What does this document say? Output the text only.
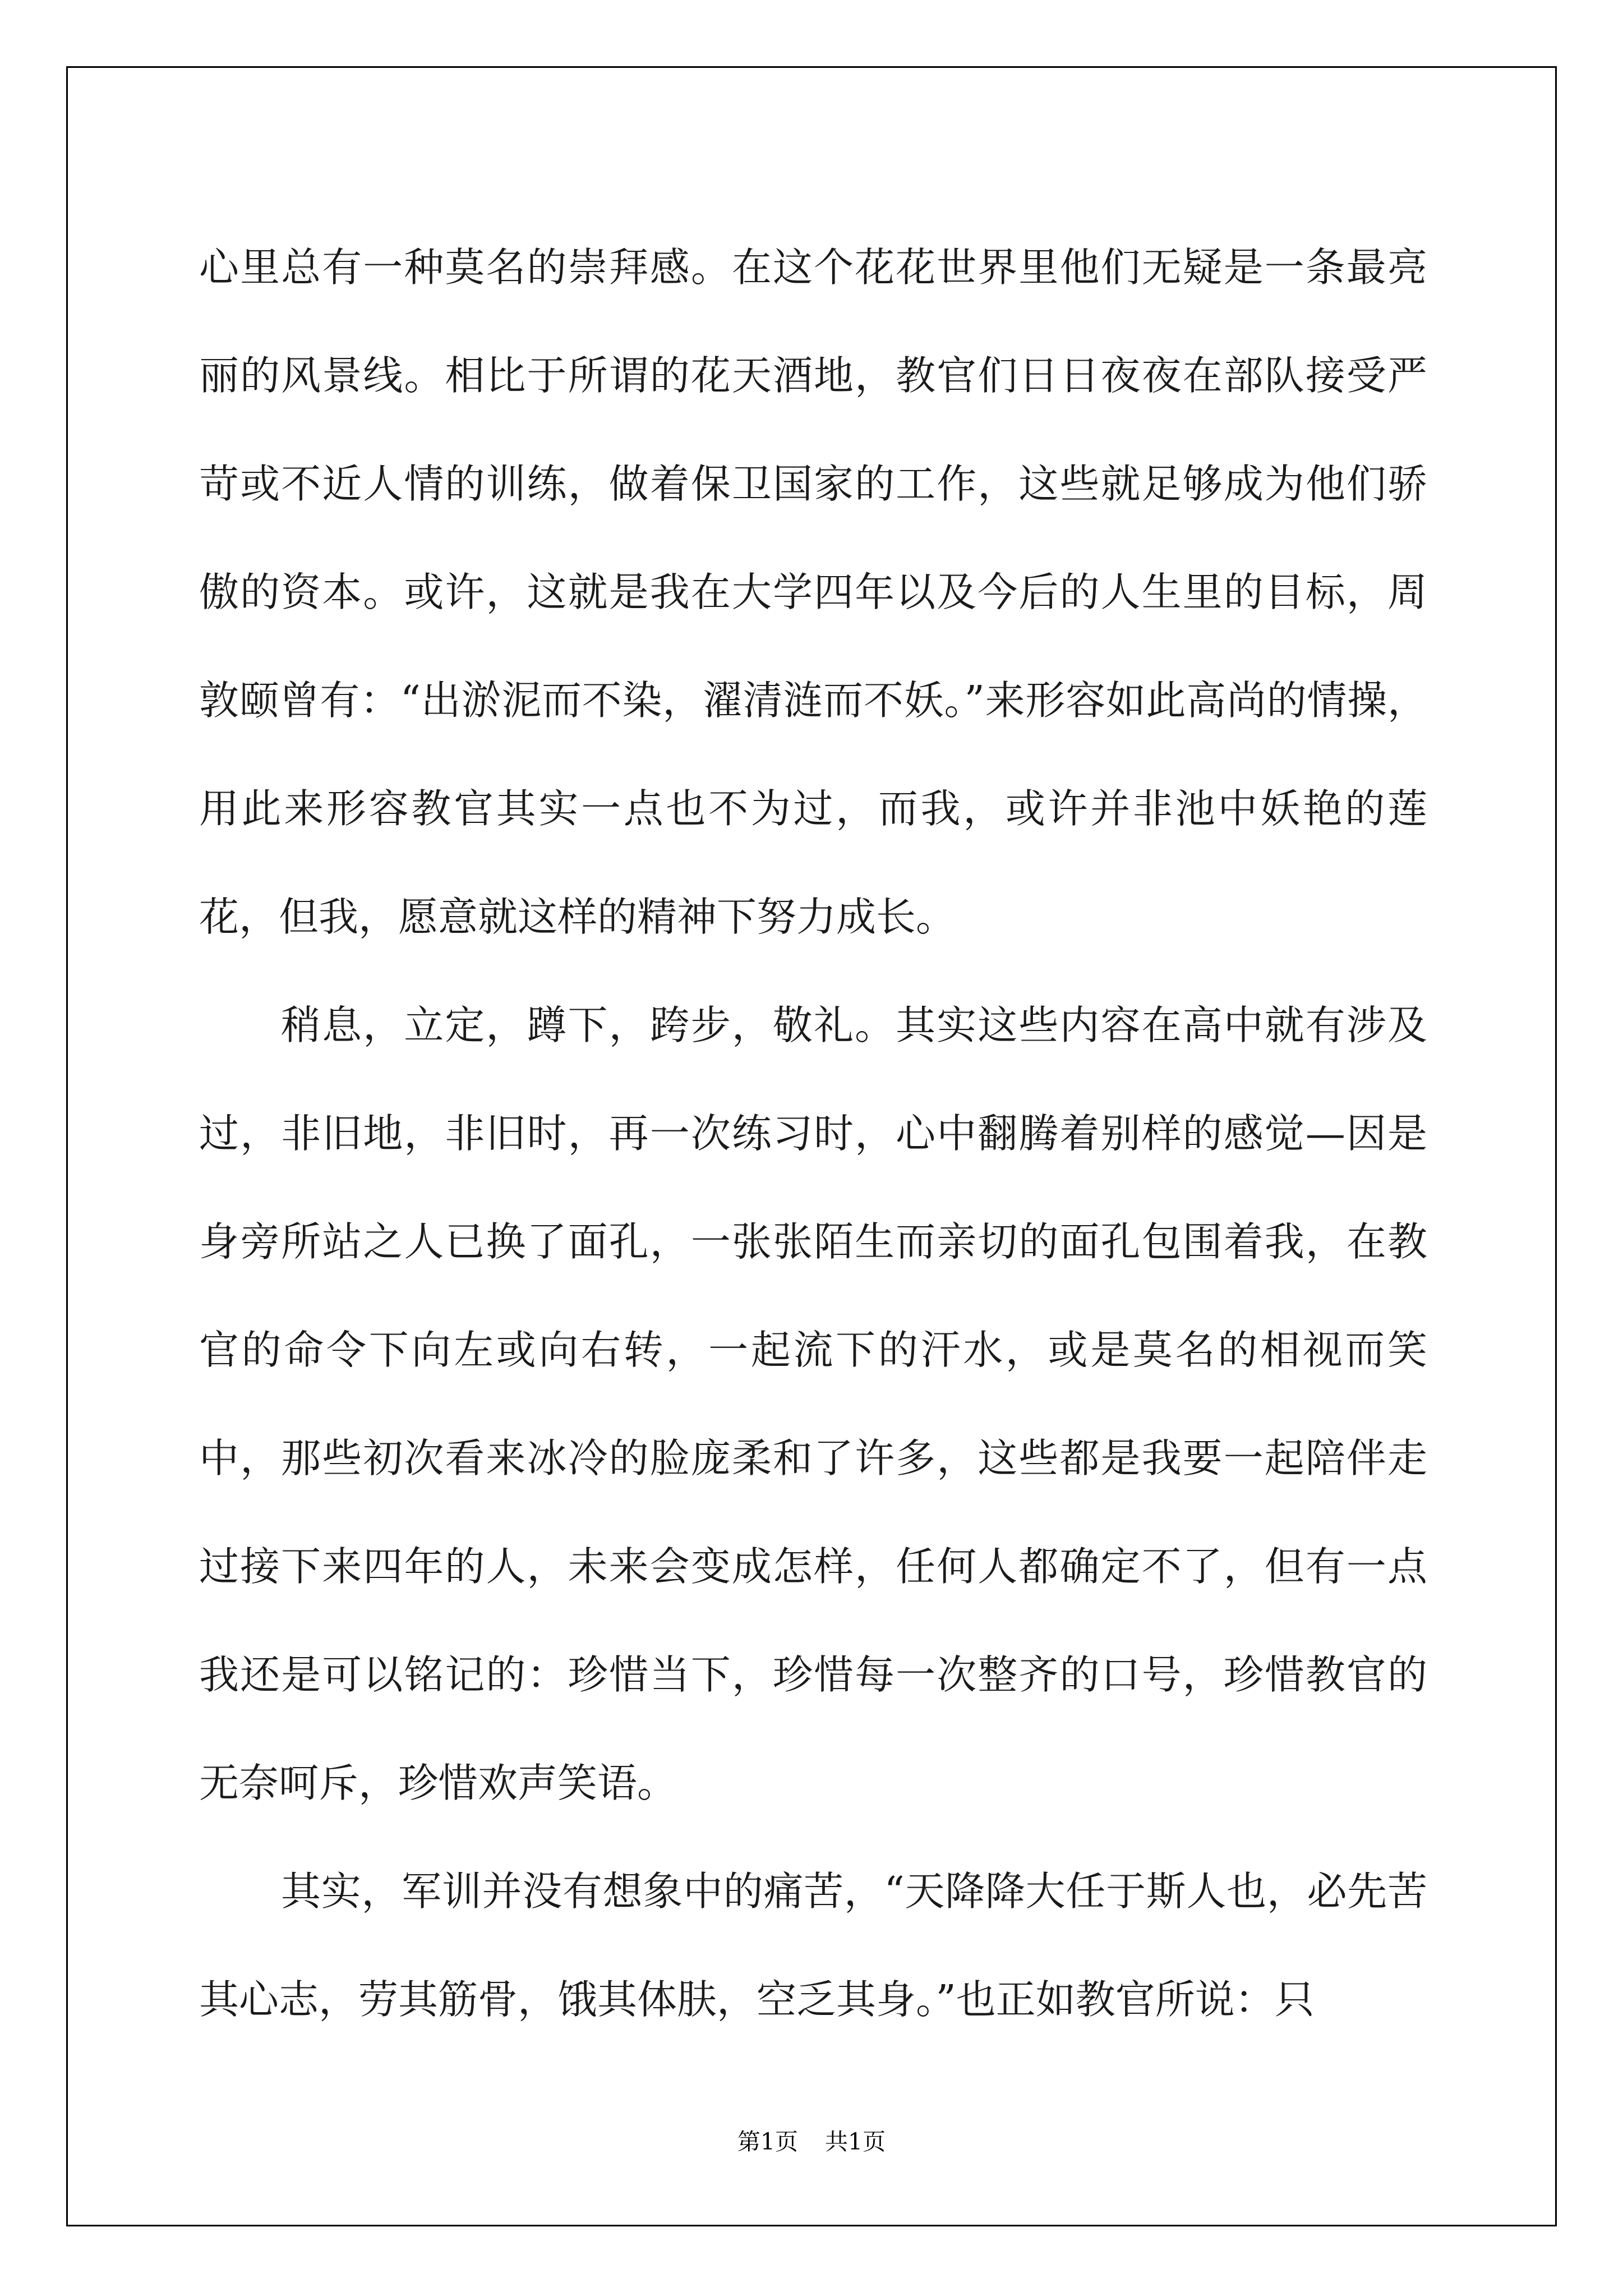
心里总有一种莫名的崇拜感。在这个花花世界里他们无疑是一条最亮丽的风景线。相比于所谓的花天酒地，教官们日日夜夜在部队接受严苛或不近人情的训练，做着保卫国家的工作，这些就足够成为他们骄傲的资本。或许，这就是我在大学四年以及今后的人生里的目标，周敦颐曾有：“出淤泥而不染，濯清涟而不妖。”来形容如此高尚的情操，用此来形容教官其实一点也不为过，而我，或许并非池中妖艳的莲花，但我，愿意就这样的精神下努力成长。

稍息，立定，蹲下，跨步，敬礼。其实这些内容在高中就有涉及过，非旧地，非旧时，再一次练习时，心中翻腾着别样的感觉—因是身旁所站之人已换了面孔，一张张陌生而亲切的面孔包围着我，在教官的命令下向左或向右转，一起流下的汗水，或是莫名的相视而笑中，那些初次看来冰冷的脸庞柔和了许多，这些都是我要一起陪伴走过接下来四年的人，未来会变成怎样，任何人都确定不了，但有一点我还是可以铭记的：珍惜当下，珍惜每一次整齐的口号，珍惜教官的无奈呵斥，珍惜欢声笑语。

其实，军训并没有想象中的痛苦，“天降降大任于斯人也，必先苦其心志，劳其筋骨，饿其体肤，空乏其身。”也正如教官所说：只

第1页 共1页
